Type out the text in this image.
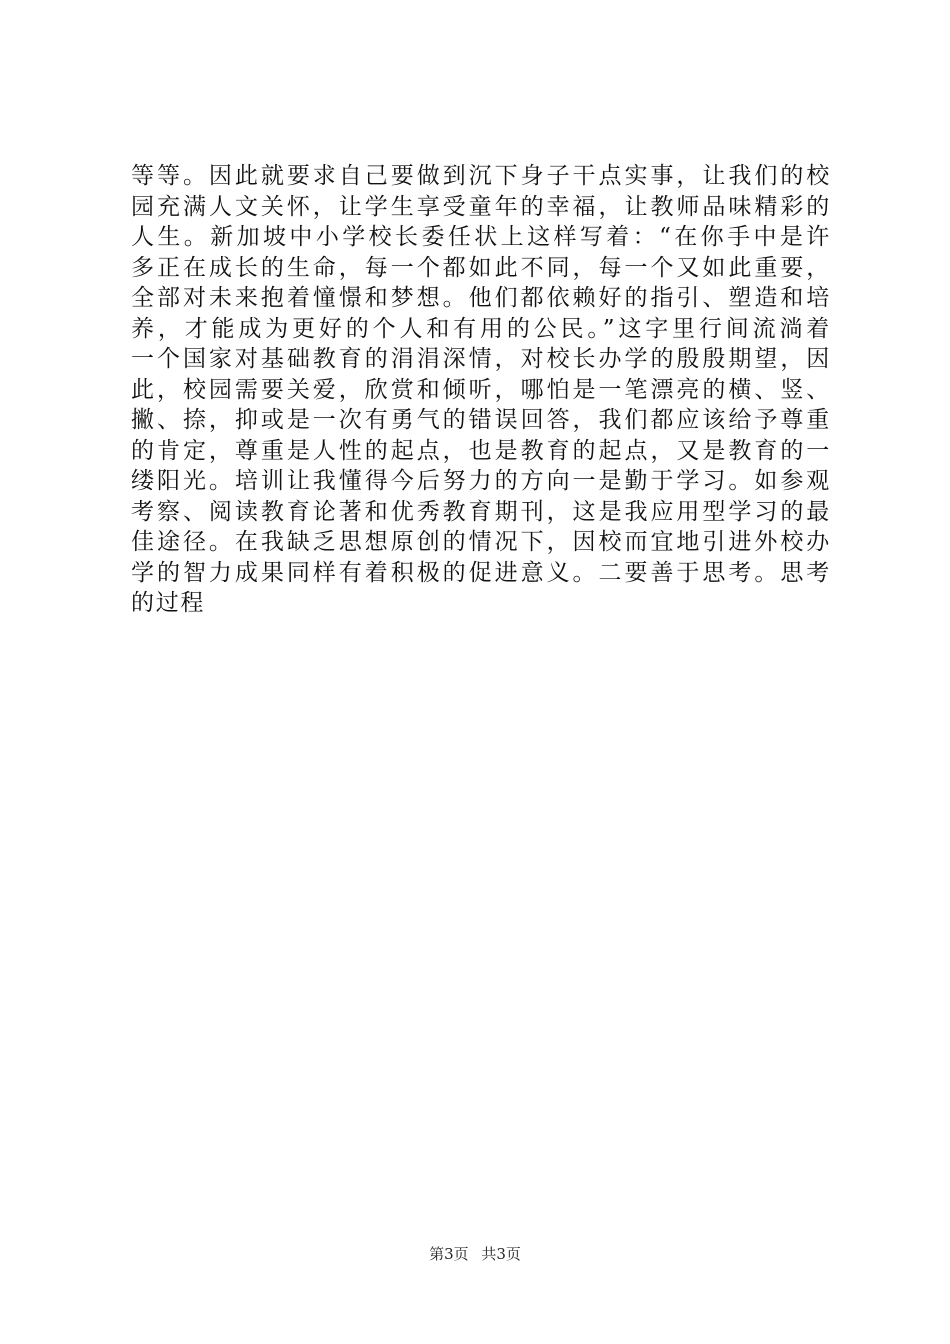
等等。因此就要求自己要做到沉下身子干点实事，让我们的校
园充满人文关怀，让学生享受童年的幸福，让教师品味精彩的
人生。新加坡中小学校长委任状上这样写着：“在你手中是许
多正在成长的生命，每一个都如此不同，每一个又如此重要，
全部对未来抱着憧憬和梦想。他们都依赖好的指引、塑造和培
养，才能成为更好的个人和有用的公民。”这字里行间流淌着
一个国家对基础教育的涓涓深情，对校长办学的殷殷期望，因
此，校园需要关爱，欣赏和倾听，哪怕是一笔漂亮的横、竖、
撇、捺，抑或是一次有勇气的错误回答，我们都应该给予尊重
的肯定，尊重是人性的起点，也是教育的起点，又是教育的一
缕阳光。培训让我懂得今后努力的方向一是勤于学习。如参观
考察、阅读教育论著和优秀教育期刊，这是我应用型学习的最
佳途径。在我缺乏思想原创的情况下，因校而宜地引进外校办
学的智力成果同样有着积极的促进意义。二要善于思考。思考
的过程
第3页 共3页
